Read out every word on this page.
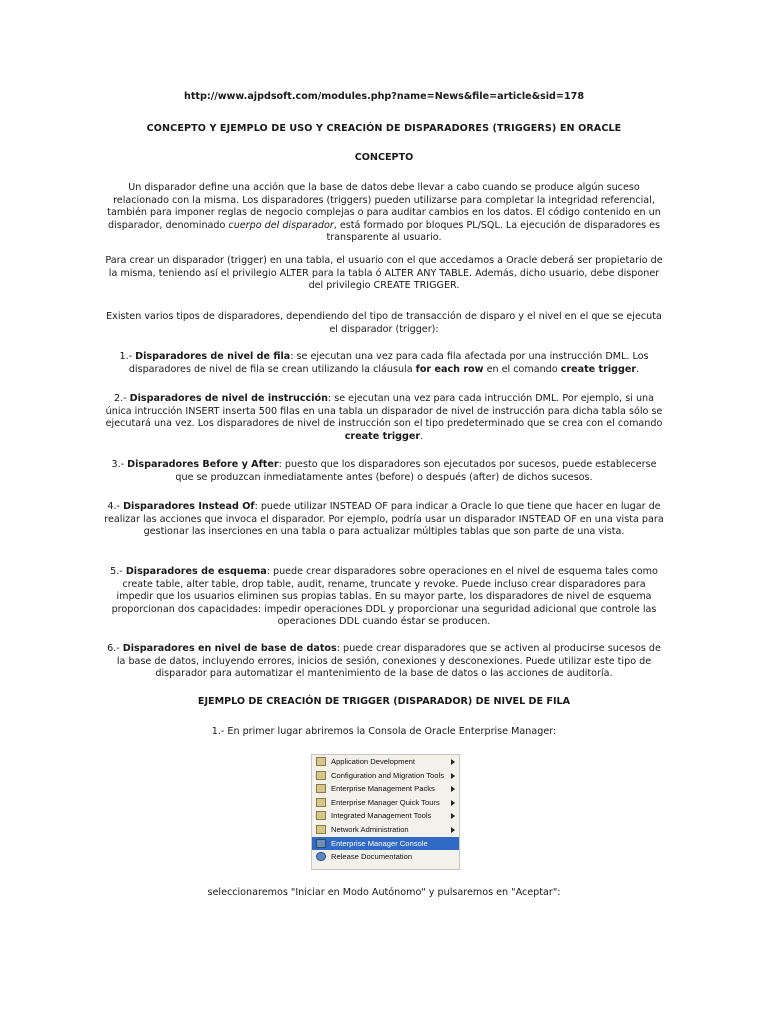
http://www.ajpdsoft.com/modules.php?name=News&file=article&sid=178

CONCEPTO Y EJEMPLO DE USO Y CREACIÓN DE DISPARADORES (TRIGGERS) EN ORACLE

CONCEPTO

Un disparador define una acción que la base de datos debe llevar a cabo cuando se produce algún suceso relacionado con la misma. Los disparadores (triggers) pueden utilizarse para completar la integridad referencial, también para imponer reglas de negocio complejas o para auditar cambios en los datos. El código contenido en un disparador, denominado cuerpo del disparador, está formado por bloques PL/SQL. La ejecución de disparadores es transparente al usuario.

Para crear un disparador (trigger) en una tabla, el usuario con el que accedamos a Oracle deberá ser propietario de la misma, teniendo así el privilegio ALTER para la tabla ó ALTER ANY TABLE. Además, dicho usuario, debe disponer del privilegio CREATE TRIGGER.

Existen varios tipos de disparadores, dependiendo del tipo de transacción de disparo y el nivel en el que se ejecuta el disparador (trigger):

1.- Disparadores de nivel de fila: se ejecutan una vez para cada fila afectada por una instrucción DML. Los disparadores de nivel de fila se crean utilizando la cláusula for each row en el comando create trigger.

2.- Disparadores de nivel de instrucción: se ejecutan una vez para cada intrucción DML. Por ejemplo, si una única intrucción INSERT inserta 500 filas en una tabla un disparador de nivel de instrucción para dicha tabla sólo se ejecutará una vez. Los disparadores de nivel de instrucción son el tipo predeterminado que se crea con el comando create trigger.

3.- Disparadores Before y After: puesto que los disparadores son ejecutados por sucesos, puede establecerse que se produzcan inmediatamente antes (before) o después (after) de dichos sucesos.

4.- Disparadores Instead Of: puede utilizar INSTEAD OF para indicar a Oracle lo que tiene que hacer en lugar de realizar las acciones que invoca el disparador. Por ejemplo, podría usar un disparador INSTEAD OF en una vista para gestionar las inserciones en una tabla o para actualizar múltiples tablas que son parte de una vista.

5.- Disparadores de esquema: puede crear disparadores sobre operaciones en el nivel de esquema tales como create table, alter table, drop table, audit, rename, truncate y revoke. Puede incluso crear disparadores para impedir que los usuarios eliminen sus propias tablas. En su mayor parte, los disparadores de nivel de esquema proporcionan dos capacidades: impedir operaciones DDL y proporcionar una seguridad adicional que controle las operaciones DDL cuando éstar se producen.

6.- Disparadores en nivel de base de datos: puede crear disparadores que se activen al producirse sucesos de la base de datos, incluyendo errores, inicios de sesión, conexiones y desconexiones. Puede utilizar este tipo de disparador para automatizar el mantenimiento de la base de datos o las acciones de auditoría.

EJEMPLO DE CREACIÓN DE TRIGGER (DISPARADOR) DE NIVEL DE FILA

1.- En primer lugar abriremos la Consola de Oracle Enterprise Manager:

Application Development
Configuration and Migration Tools
Enterprise Management Packs
Enterprise Manager Quick Tours
Integrated Management Tools
Network Administration
Enterprise Manager Console
Release Documentation

seleccionaremos "Iniciar en Modo Autónomo" y pulsaremos en "Aceptar":
